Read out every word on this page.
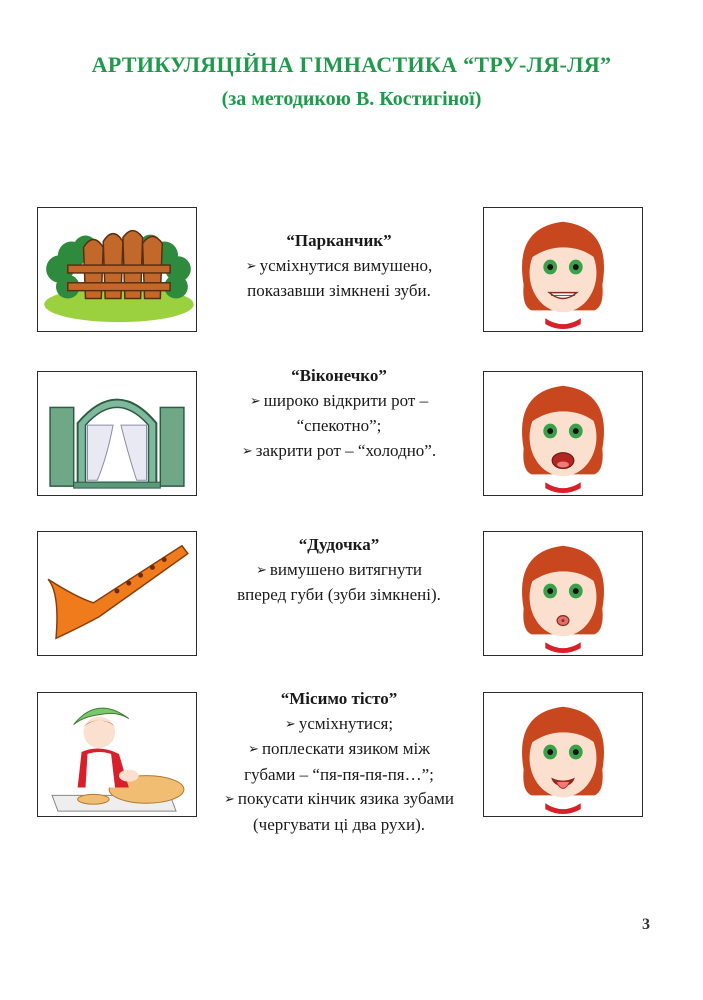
АРТИКУЛЯЦІЙНА ГІМНАСТИКА “ТРУ-ЛЯ-ЛЯ”
(за методикою В. Костигіної)
“Парканчик”
➢ усміхнутися вимушено,
показавши зімкнені зуби.
“Віконечко”
➢ широко відкрити рот –
“спекотно”;
➢ закрити рот – “холодно”.
“Дудочка”
➢ вимушено витягнути
вперед губи (зуби зімкнені).
“Місимо тісто”
➢ усміхнутися;
➢ поплескати язиком між
губами – “пя-пя-пя-пя…”;
➢ покусати кінчик язика зубами
(чергувати ці два рухи).
3
